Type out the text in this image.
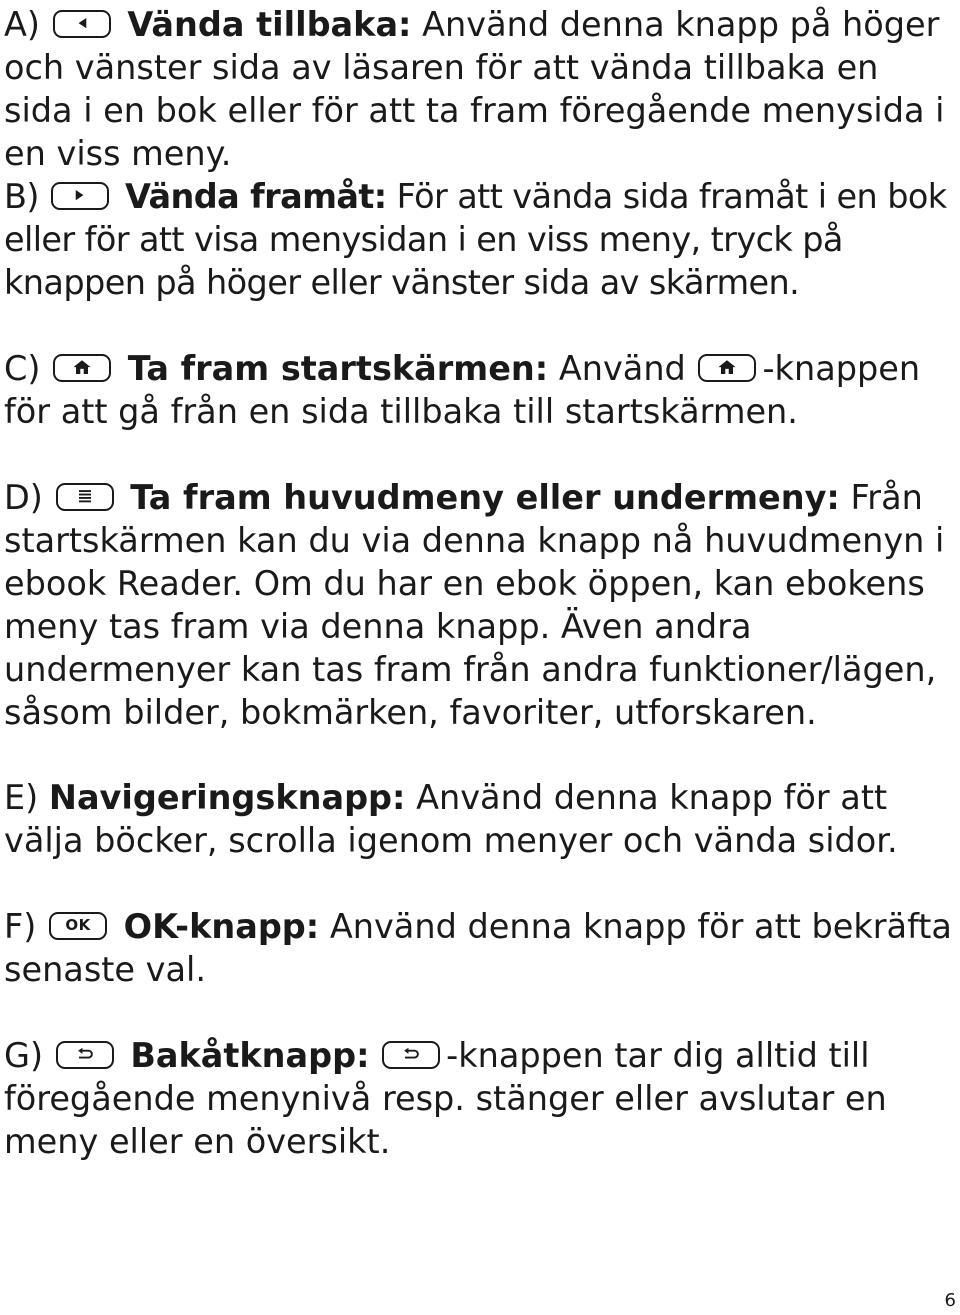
A)	Vända tillbaka: Använd denna knapp på höger och vänster sida av läsaren för att vända tillbaka en sida i en bok eller för att ta fram föregående menysida i en viss meny.

B)	Vända framåt: För att vända sida framåt i en bok eller för att visa menysidan i en viss meny, tryck på knappen på höger eller vänster sida av skärmen.

C)	Ta fram startskärmen: Använd
-knappen för att gå från en sida tillbaka till startskärmen.

D)	Ta fram huvudmeny eller undermeny: Från startskärmen kan du via denna knapp nå huvudmenyn i ebook Reader. Om du har en ebok öppen, kan ebokens meny tas fram via denna knapp. Även andra undermenyer kan tas fram från andra funktioner/lägen, såsom bilder, bokmärken, favoriter, utforskaren.

E) Navigeringsknapp: Använd denna knapp för att välja böcker, scrolla igenom menyer och vända sidor.

F)	OK OK-knapp: Använd denna knapp för att bekräfta senaste val.

G)	Bakåtknapp: -knappen tar dig alltid till föregående menynivå resp. stänger eller avslutar en meny eller en översikt.

6
